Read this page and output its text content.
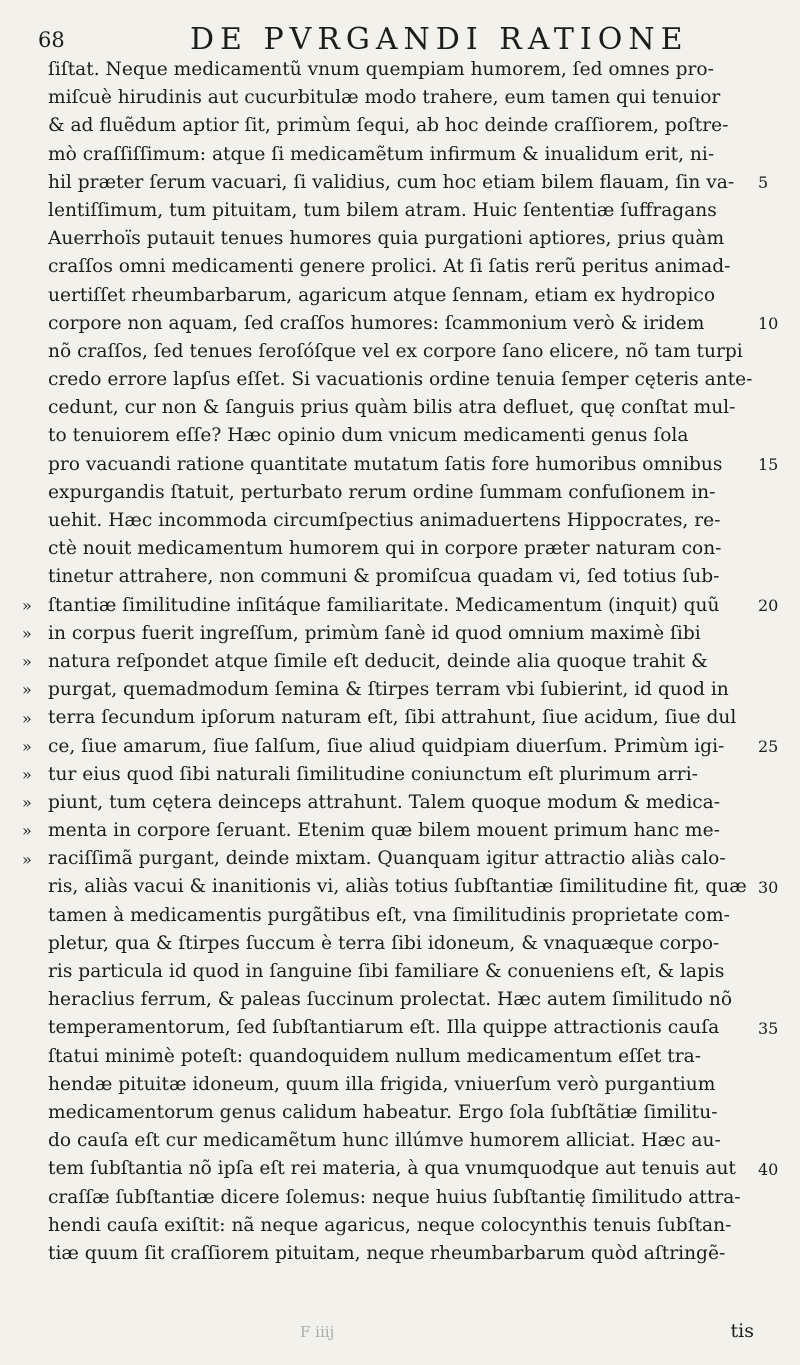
68	DE PVRGANDI RATIONE
»
»
»
»
»
»
»
»
»
»
ſiſtat. Neque medicamentũ vnum quempiam humorem, ſed omnes pro-
miſcuè hirudinis aut cucurbitulæ modo trahere, eum tamen qui tenuior
& ad fluẽdum aptior ſit, primùm ſequi, ab hoc deinde craſſiorem, poſtre-
mò craſſiſſimum: atque ſi medicamẽtum infirmum & inualidum erit, ni-
hil præter ſerum vacuari, ſi validius, cum hoc etiam bilem flauam, ſin va-
lentiſſimum, tum pituitam, tum bilem atram. Huic ſententiæ ſuffragans
Auerrhoïs putauit tenues humores quia purgationi aptiores, prius quàm
craſſos omni medicamenti genere prolici. At ſi ſatis rerũ peritus animad-
uertiſſet rheumbarbarum, agaricum atque ſennam, etiam ex hydropico
corpore non aquam, ſed craſſos humores: ſcammonium verò & iridem
nõ craſſos, ſed tenues ſeroſóſque vel ex corpore ſano elicere, nõ tam turpi
credo errore lapſus eſſet. Si vacuationis ordine tenuia ſemper cęteris ante-
cedunt, cur non & ſanguis prius quàm bilis atra defluet, quę conſtat mul-
to tenuiorem eſſe? Hæc opinio dum vnicum medicamenti genus ſola
pro vacuandi ratione quantitate mutatum ſatis fore humoribus omnibus
expurgandis ſtatuit, perturbato rerum ordine ſummam confuſionem in-
uehit. Hæc incommoda circumſpectius animaduertens Hippocrates, re-
ctè nouit medicamentum humorem qui in corpore præter naturam con-
tinetur attrahere, non communi & promiſcua quadam vi, ſed totius ſub-
ſtantiæ ſimilitudine inſitáque familiaritate. Medicamentum (inquit) quũ
in corpus fuerit ingreſſum, primùm ſanè id quod omnium maximè ſibi
natura reſpondet atque ſimile eſt deducit, deinde alia quoque trahit &
purgat, quemadmodum ſemina & ſtirpes terram vbi ſubierint, id quod in
terra ſecundum ipſorum naturam eſt, ſibi attrahunt, ſiue acidum, ſiue dul
ce, ſiue amarum, ſiue ſalſum, ſiue aliud quidpiam diuerſum. Primùm igi-
tur eius quod ſibi naturali ſimilitudine coniunctum eſt plurimum arri-
piunt, tum cętera deinceps attrahunt. Talem quoque modum & medica-
menta in corpore ſeruant. Etenim quæ bilem mouent primum hanc me-
raciſſimã purgant, deinde mixtam. Quanquam igitur attractio aliàs calo-
ris, aliàs vacui & inanitionis vi, aliàs totius ſubſtantiæ ſimilitudine fit, quæ
tamen à medicamentis purgãtibus eſt, vna ſimilitudinis proprietate com-
pletur, qua & ſtirpes ſuccum è terra ſibi idoneum, & vnaquæque corpo-
ris particula id quod in ſanguine ſibi familiare & conueniens eſt, & lapis
heraclius ferrum, & paleas ſuccinum prolectat. Hæc autem ſimilitudo nõ
temperamentorum, ſed ſubſtantiarum eſt. Illa quippe attractionis cauſa
ſtatui minimè poteſt: quandoquidem nullum medicamentum eſſet tra-
hendæ pituitæ idoneum, quum illa frigida, vniuerſum verò purgantium
medicamentorum genus calidum habeatur. Ergo ſola ſubſtãtiæ ſimilitu-
do cauſa eſt cur medicamẽtum hunc illúmve humorem alliciat. Hæc au-
tem ſubſtantia nõ ipſa eſt rei materia, à qua vnumquodque aut tenuis aut
craſſæ ſubſtantiæ dicere ſolemus: neque huius ſubſtantię ſimilitudo attra-
hendi cauſa exiſtit: nã neque agaricus, neque colocynthis tenuis ſubſtan-
tiæ quum ſit craſſiorem pituitam, neque rheumbarbarum quòd aſtringẽ-
5
10
15
20
25
30
35
40
F iiij	tis
